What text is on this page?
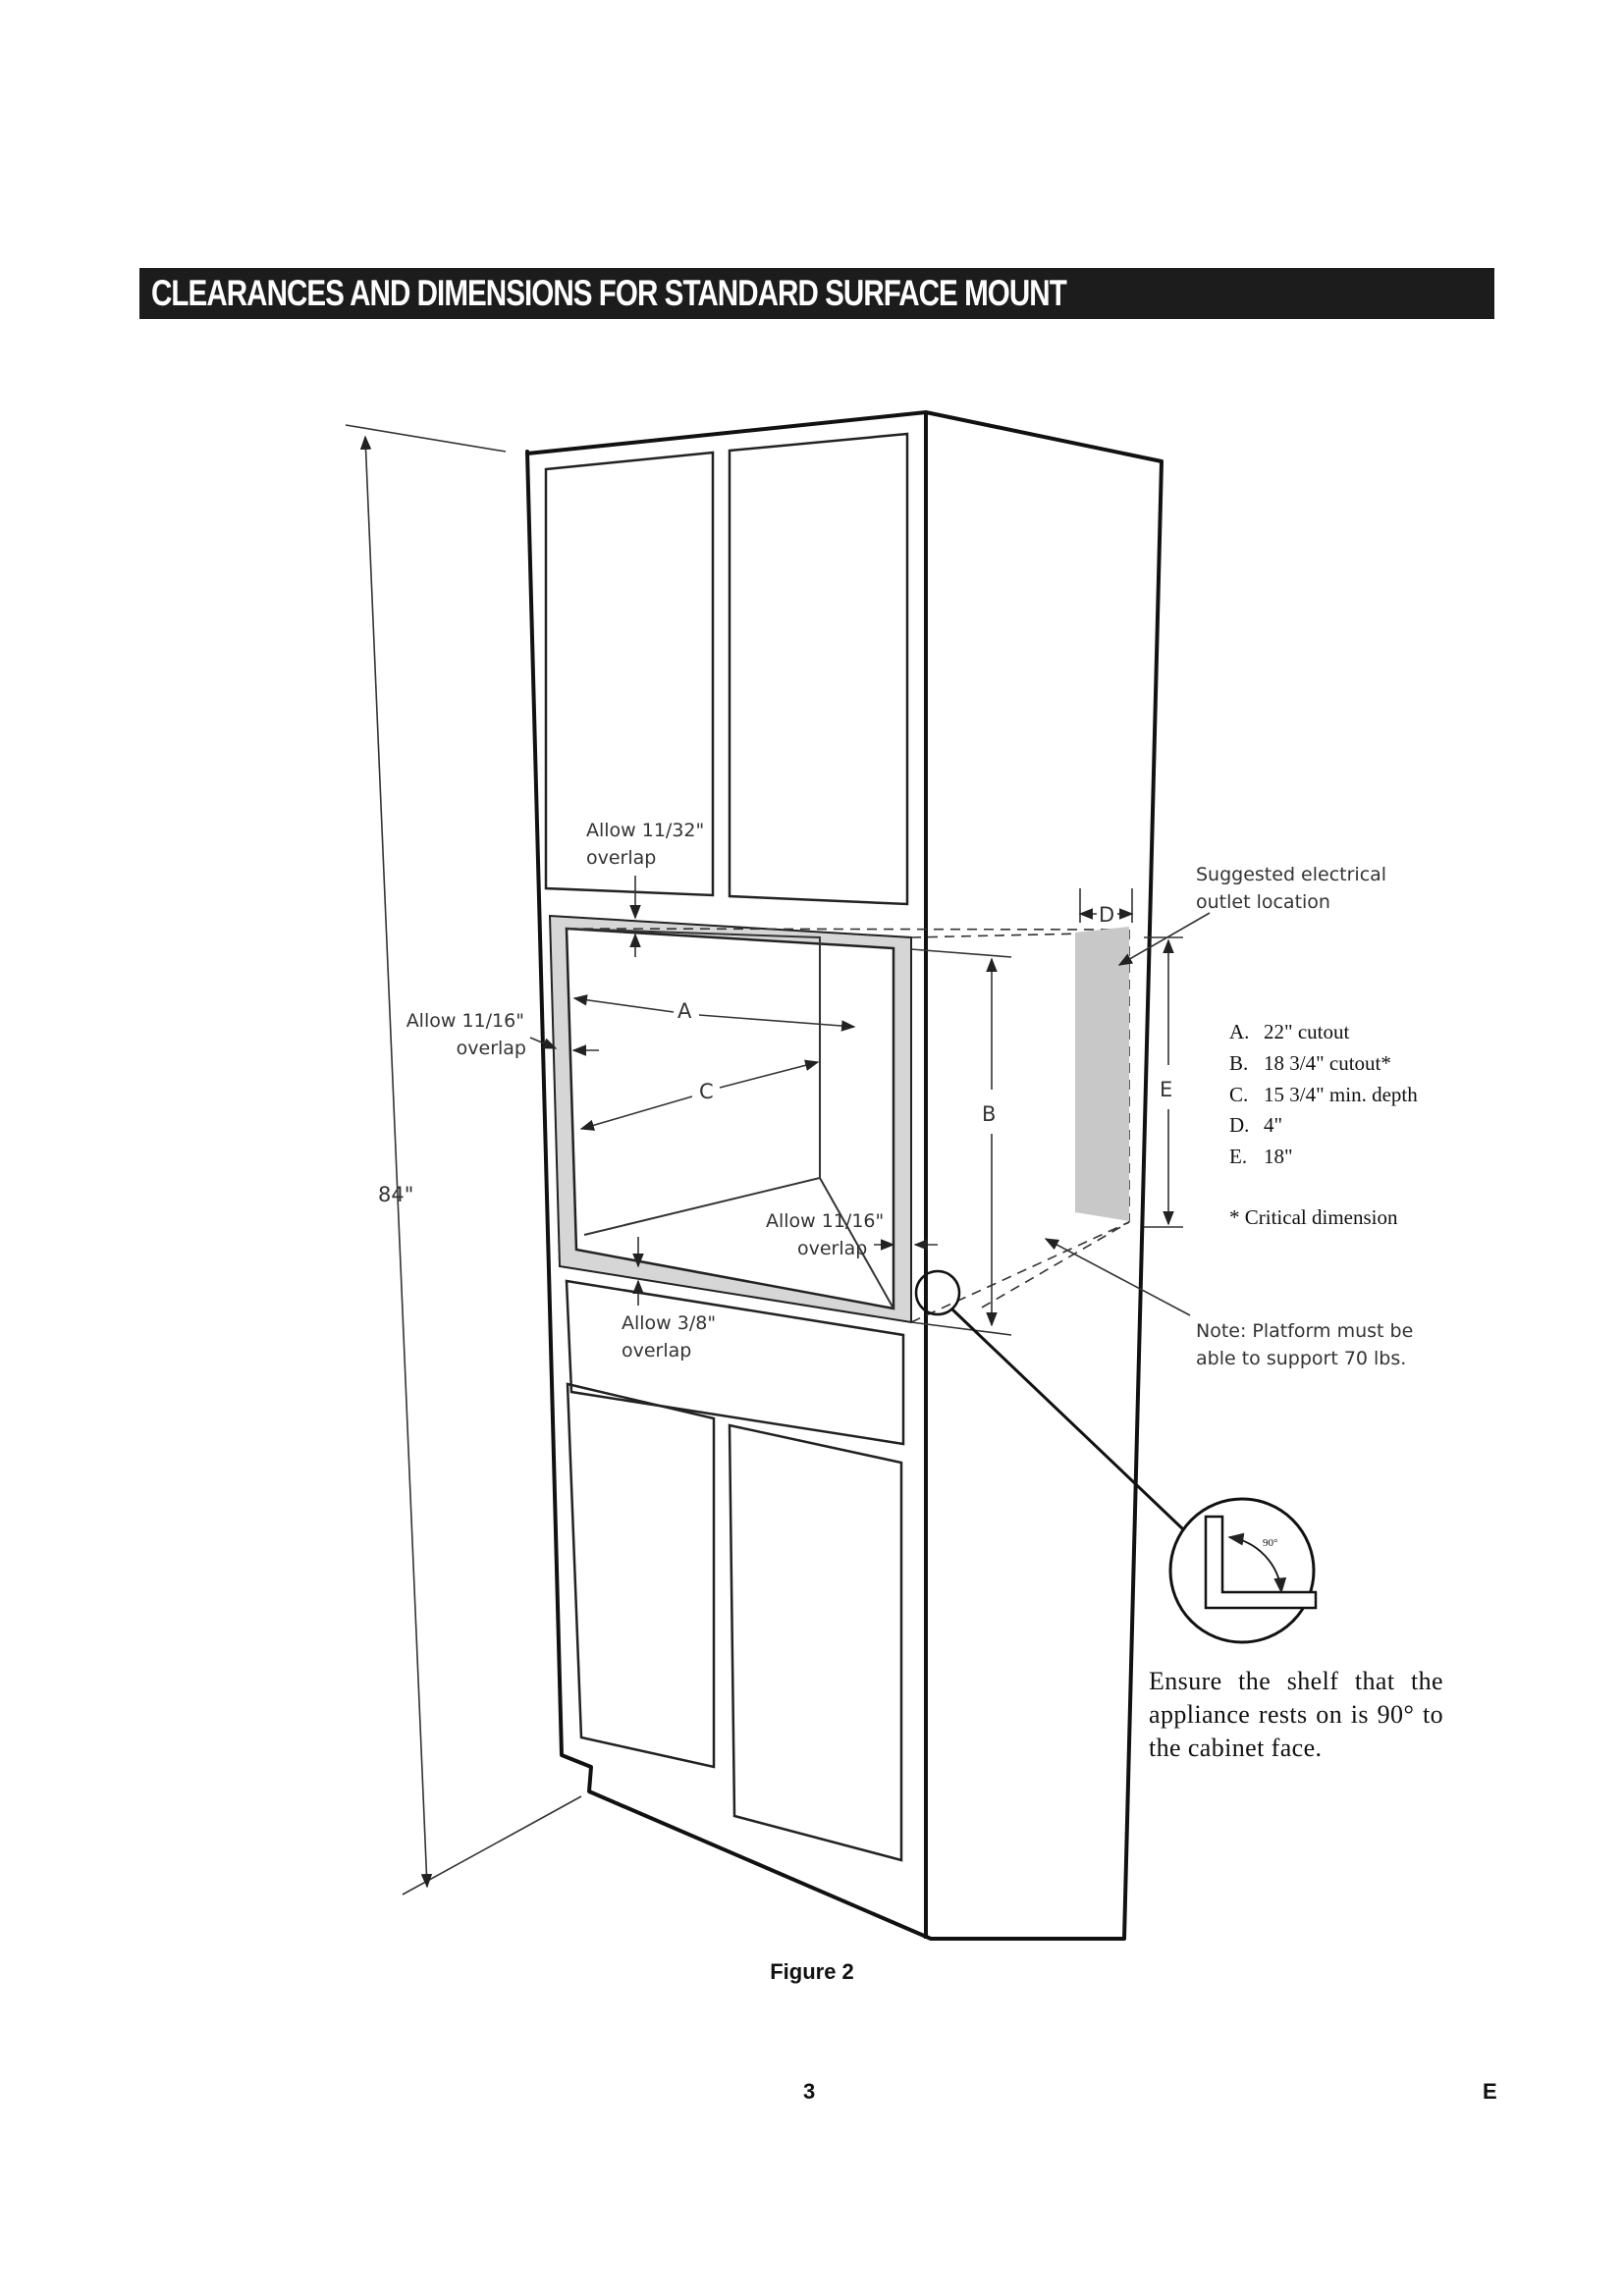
CLEARANCES AND DIMENSIONS FOR STANDARD SURFACE MOUNT
84"
A
C
B
D
E
Allow 11/32" overlap
Allow 11/16" overlap
Allow 11/16" overlap
Allow 3/8" overlap
Suggested electrical outlet location
Note: Platform must be able to support 70 lbs.
A. 22" cutout
B. 18 3/4" cutout*
C. 15 3/4" min. depth
D. 4"
E. 18"
* Critical dimension
90°
Ensure the shelf that the appliance rests on is 90° to the cabinet face.
Figure 2
3	E
